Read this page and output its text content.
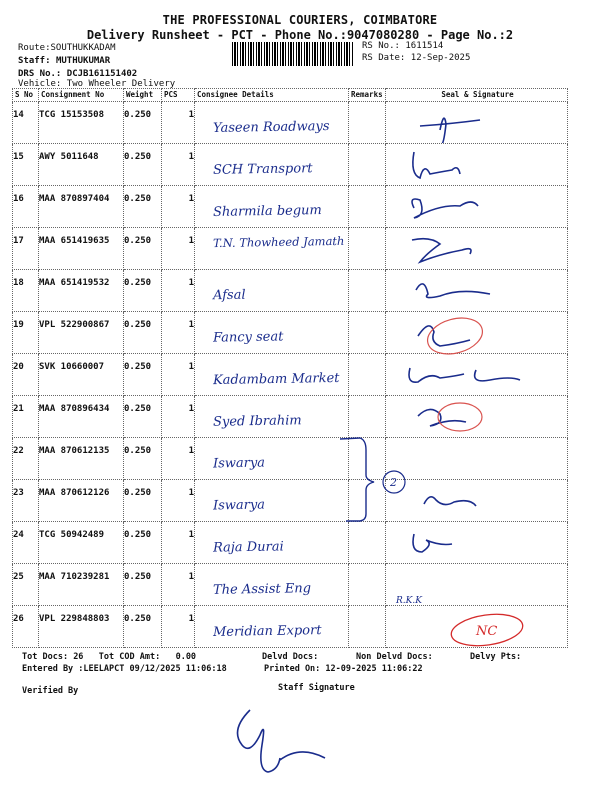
THE PROFESSIONAL COURIERS, COIMBATORE
Delivery Runsheet - PCT - Phone No.:9047080280 - Page No.:2
Route:SOUTHUKKADAM
Staff: MUTHUKUMAR
DRS No.: DCJB161151402
Vehicle: Two Wheeler Delivery
RS No.: 1611514
RS Date: 12-Sep-2025
S No	Consignment No	Weight	PCS	Consignee Details	Remarks	Seal & Signature
14	TCG 15153508	0.250	1	Yaseen Roadways

15	AWY 5011648	0.250	1	SCH Transport

16	MAA 870897404	0.250	1	Sharmila begum

17	MAA 651419635	0.250	1	T.N. Thowheed Jamath

18	MAA 651419532	0.250	1	Afsal

19	VPL 522900867	0.250	1	Fancy seat

20	SVK 10660007	0.250	1	Kadambam Market

21	MAA 870896434	0.250	1	Syed Ibrahim

22	MAA 870612135	0.250	1	Iswarya		

23	MAA 870612126	0.250	1	Iswarya

24	TCG 50942489	0.250	1	Raja Durai

25	MAA 710239281	0.250	1	The Assist Eng		

26	VPL 229848803	0.250	1	Meridian Export		

2
R.K.K
NC
Tot Docs: 26 Tot COD Amt: 0.00	Delvd Docs:	Non Delvd Docs:	Delvy Pts:
Entered By :LEELAPCT 09/12/2025 11:06:18	Printed On: 12-09-2025 11:06:22
Verified By	Staff Signature
